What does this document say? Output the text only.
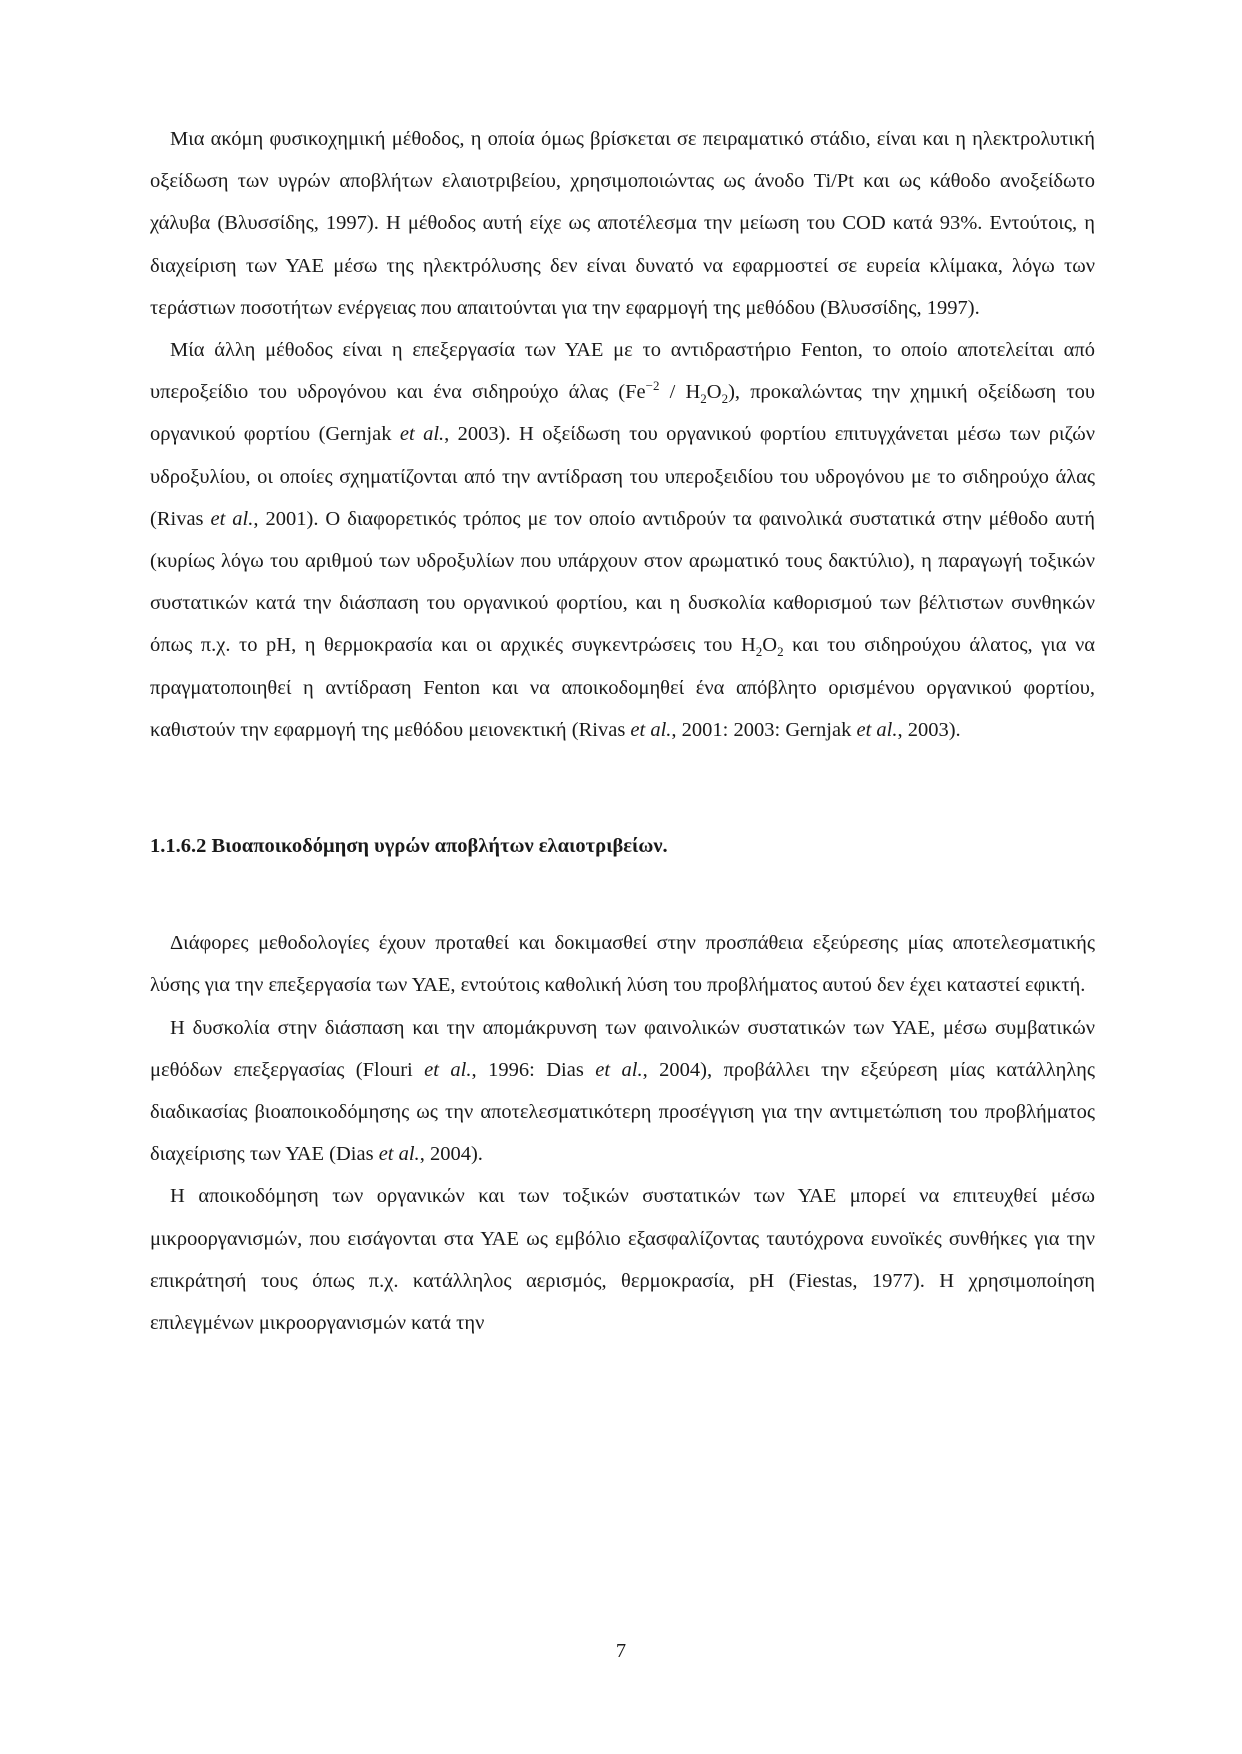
Μια ακόμη φυσικοχημική μέθοδος, η οποία όμως βρίσκεται σε πειραματικό στάδιο, είναι και η ηλεκτρολυτική οξείδωση των υγρών αποβλήτων ελαιοτριβείου, χρησιμοποιώντας ως άνοδο Ti/Pt και ως κάθοδο ανοξείδωτο χάλυβα (Βλυσσίδης, 1997). Η μέθοδος αυτή είχε ως αποτέλεσμα την μείωση του COD κατά 93%. Εντούτοις, η διαχείριση των ΥΑΕ μέσω της ηλεκτρόλυσης δεν είναι δυνατό να εφαρμοστεί σε ευρεία κλίμακα, λόγω των τεράστιων ποσοτήτων ενέργειας που απαιτούνται για την εφαρμογή της μεθόδου (Βλυσσίδης, 1997).

Μία άλλη μέθοδος είναι η επεξεργασία των ΥΑΕ με το αντιδραστήριο Fenton, το οποίο αποτελείται από υπεροξείδιο του υδρογόνου και ένα σιδηρούχο άλας $(Fe^{-2} / H_2O_2)$, προκαλώντας την χημική οξείδωση του οργανικού φορτίου (Gernjak et al., 2003). Η οξείδωση του οργανικού φορτίου επιτυγχάνεται μέσω των ριζών υδροξυλίου, οι οποίες σχηματίζονται από την αντίδραση του υπεροξειδίου του υδρογόνου με το σιδηρούχο άλας (Rivas et al., 2001). Ο διαφορετικός τρόπος με τον οποίο αντιδρούν τα φαινολικά συστατικά στην μέθοδο αυτή (κυρίως λόγω του αριθμού των υδροξυλίων που υπάρχουν στον αρωματικό τους δακτύλιο), η παραγωγή τοξικών συστατικών κατά την διάσπαση του οργανικού φορτίου, και η δυσκολία καθορισμού των βέλτιστων συνθηκών όπως π.χ. το pH, η θερμοκρασία και οι αρχικές συγκεντρώσεις του $H_2O_2$ και του σιδηρούχου άλατος, για να πραγματοποιηθεί η αντίδραση Fenton και να αποικοδομηθεί ένα απόβλητο ορισμένου οργανικού φορτίου, καθιστούν την εφαρμογή της μεθόδου μειονεκτική (Rivas et al., 2001: 2003: Gernjak et al., 2003).

1.1.6.2 Βιοαποικοδόμηση υγρών αποβλήτων ελαιοτριβείων.

Διάφορες μεθοδολογίες έχουν προταθεί και δοκιμασθεί στην προσπάθεια εξεύρεσης μίας αποτελεσματικής λύσης για την επεξεργασία των ΥΑΕ, εντούτοις καθολική λύση του προβλήματος αυτού δεν έχει καταστεί εφικτή.

Η δυσκολία στην διάσπαση και την απομάκρυνση των φαινολικών συστατικών των ΥΑΕ, μέσω συμβατικών μεθόδων επεξεργασίας (Flouri et al., 1996: Dias et al., 2004), προβάλλει την εξεύρεση μίας κατάλληλης διαδικασίας βιοαποικοδόμησης ως την αποτελεσματικότερη προσέγγιση για την αντιμετώπιση του προβλήματος διαχείρισης των ΥΑΕ (Dias et al., 2004).

Η αποικοδόμηση των οργανικών και των τοξικών συστατικών των ΥΑΕ μπορεί να επιτευχθεί μέσω μικροοργανισμών, που εισάγονται στα ΥΑΕ ως εμβόλιο εξασφαλίζοντας ταυτόχρονα ευνοϊκές συνθήκες για την επικράτησή τους όπως π.χ. κατάλληλος αερισμός, θερμοκρασία, pH (Fiestas, 1977). Η χρησιμοποίηση επιλεγμένων μικροοργανισμών κατά την

7
